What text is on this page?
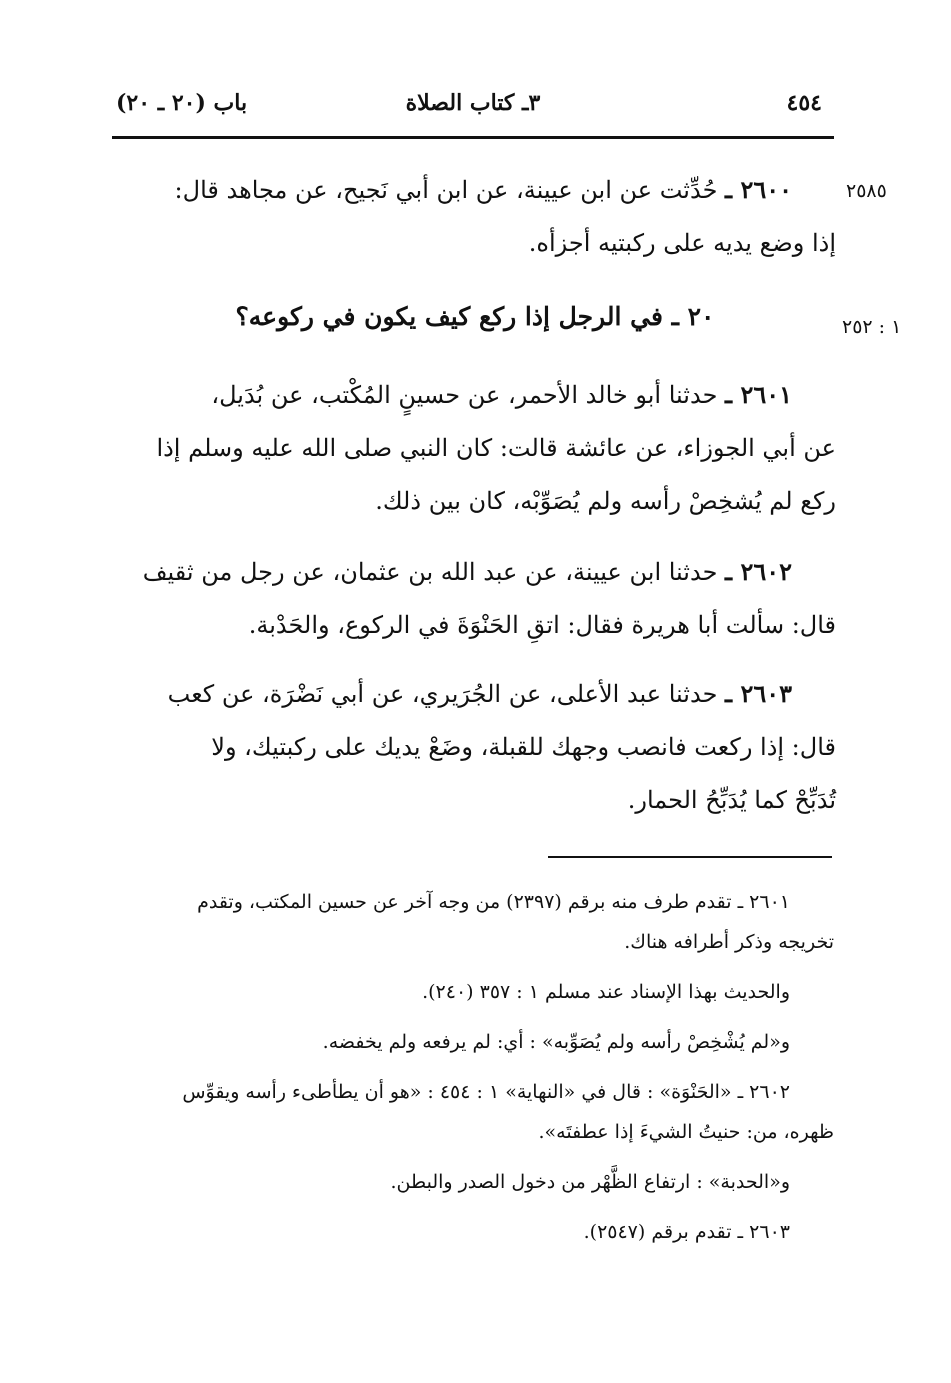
٤٥٤
٣ـ كتاب الصلاة
باب (٢٠ ـ ٢٠)
٢٥٨٥
١ : ٢٥٢
٢٦٠٠ ـ حُدِّثت عن ابن عيينة، عن ابن أبي نَجيح، عن مجاهد قال:
إذا وضع يديه على ركبتيه أجزأه.
٢٠ ـ في الرجل إذا ركع كيف يكون في ركوعه؟
٢٦٠١ ـ حدثنا أبو خالد الأحمر، عن حسينٍ المُكْتب، عن بُدَيل،
عن أبي الجوزاء، عن عائشة قالت: كان النبي صلى الله عليه وسلم إذا
ركع لم يُشخِصْ رأسه ولم يُصَوِّبْه، كان بين ذلك.
٢٦٠٢ ـ حدثنا ابن عيينة، عن عبد الله بن عثمان، عن رجل من ثقيف
قال: سألت أبا هريرة فقال: اتقِ الحَنْوَةَ في الركوع، والحَدْبة.
٢٦٠٣ ـ حدثنا عبد الأعلى، عن الجُرَيري، عن أبي نَضْرَة، عن كعب
قال: إذا ركعت فانصب وجهك للقبلة، وضَعْ يديك على ركبتيك، ولا
تُدَبِّحْ كما يُدَبِّحُ الحمار.

٢٦٠١ ـ تقدم طرف منه برقم (٢٣٩٧) من وجه آخر عن حسين المكتب، وتقدم
تخريجه وذكر أطرافه هناك.

والحديث بهذا الإسناد عند مسلم ١ : ٣٥٧ (٢٤٠).

و«لم يُشْخِصْ رأسه ولم يُصَوِّبه» : أي: لم يرفعه ولم يخفضه.

٢٦٠٢ ـ «الحَنْوَة» : قال في «النهاية» ١ : ٤٥٤ : «هو أن يطأطىء رأسه ويقوِّس
ظهره، من: حنيتُ الشيءَ إذا عطفتَه».

و«الحدبة» : ارتفاع الظَّهْر من دخول الصدر والبطن.

٢٦٠٣ ـ تقدم برقم (٢٥٤٧).
